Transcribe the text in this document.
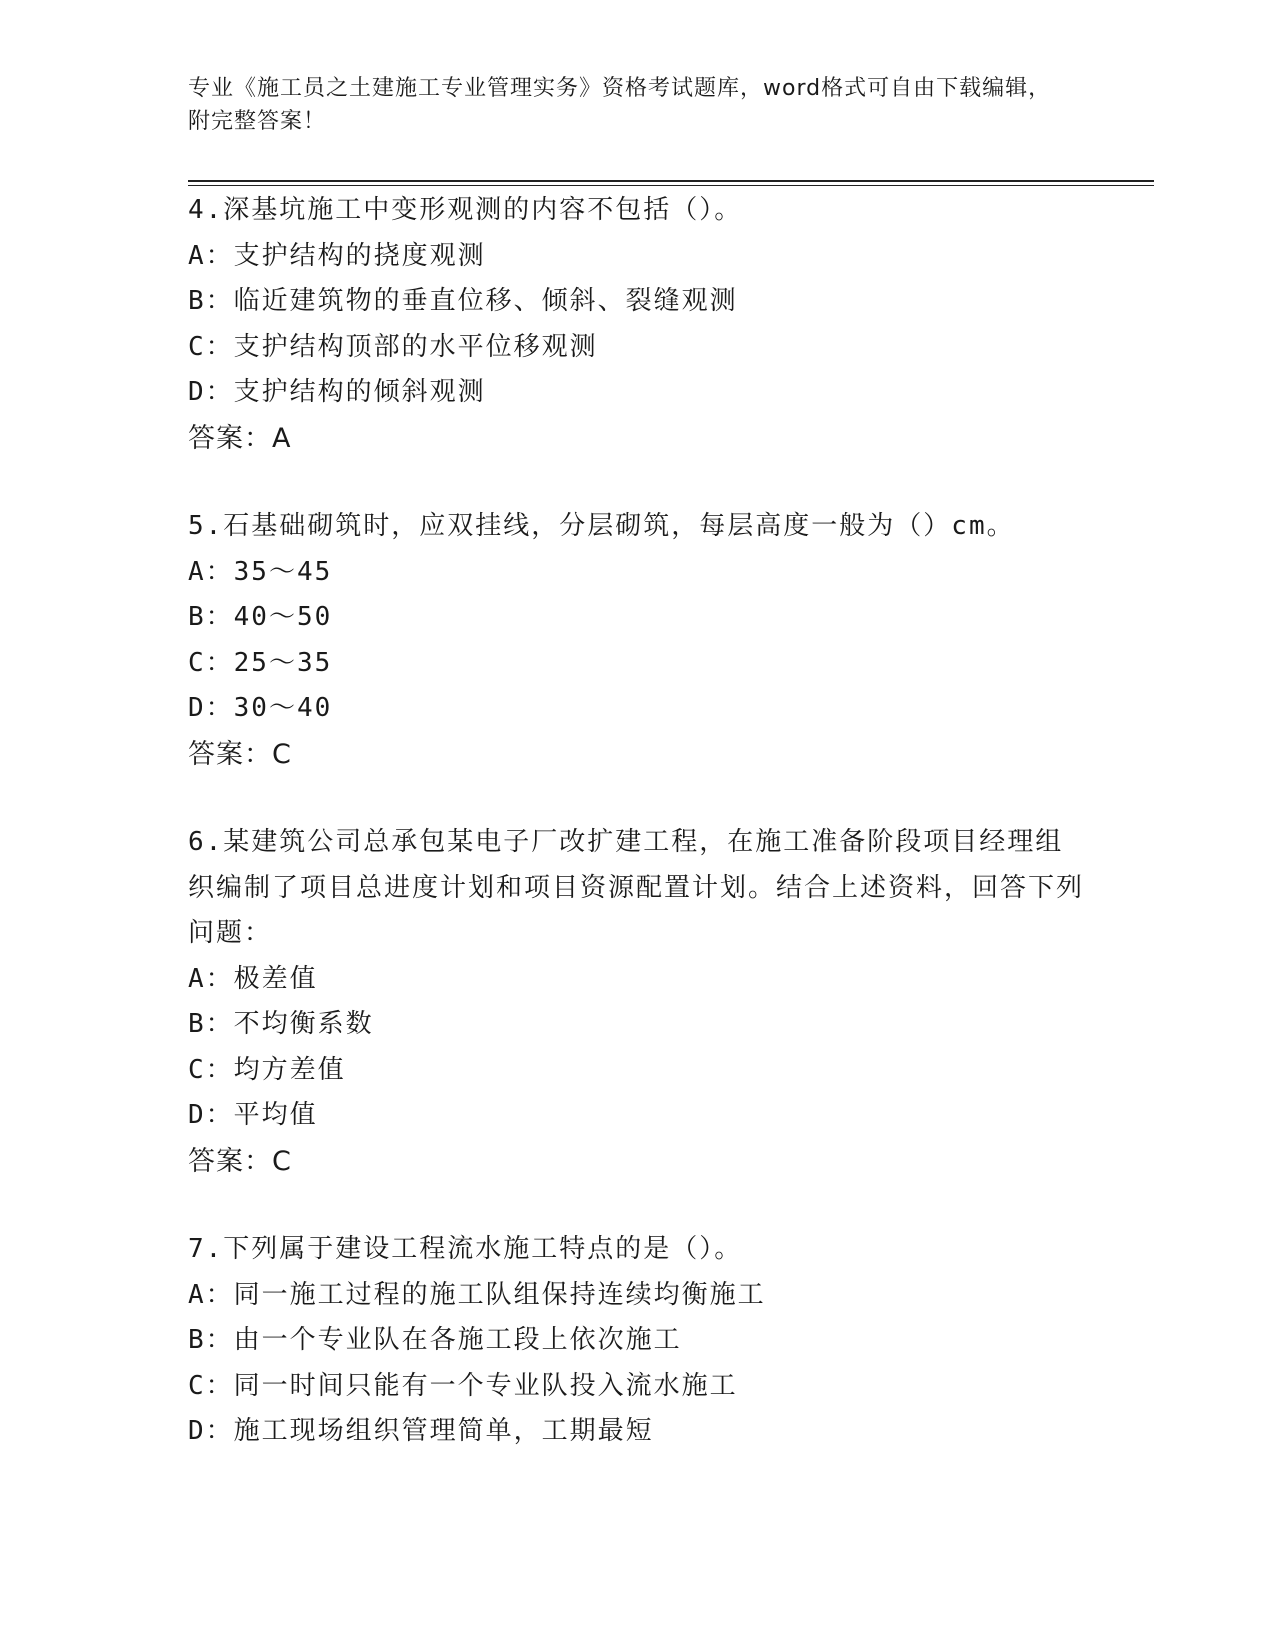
专业《施工员之土建施工专业管理实务》资格考试题库，word格式可自由下载编辑，附完整答案！
4.深基坑施工中变形观测的内容不包括（）。
A：支护结构的挠度观测
B：临近建筑物的垂直位移、倾斜、裂缝观测
C：支护结构顶部的水平位移观测
D：支护结构的倾斜观测
答案：A
5.石基础砌筑时，应双挂线，分层砌筑，每层高度一般为（）cm。
A：35～45
B：40～50
C：25～35
D：30～40
答案：C
6.某建筑公司总承包某电子厂改扩建工程，在施工准备阶段项目经理组织编制了项目总进度计划和项目资源配置计划。结合上述资料，回答下列问题：
A：极差值
B：不均衡系数
C：均方差值
D：平均值
答案：C
7.下列属于建设工程流水施工特点的是（）。
A：同一施工过程的施工队组保持连续均衡施工
B：由一个专业队在各施工段上依次施工
C：同一时间只能有一个专业队投入流水施工
D：施工现场组织管理简单，工期最短
